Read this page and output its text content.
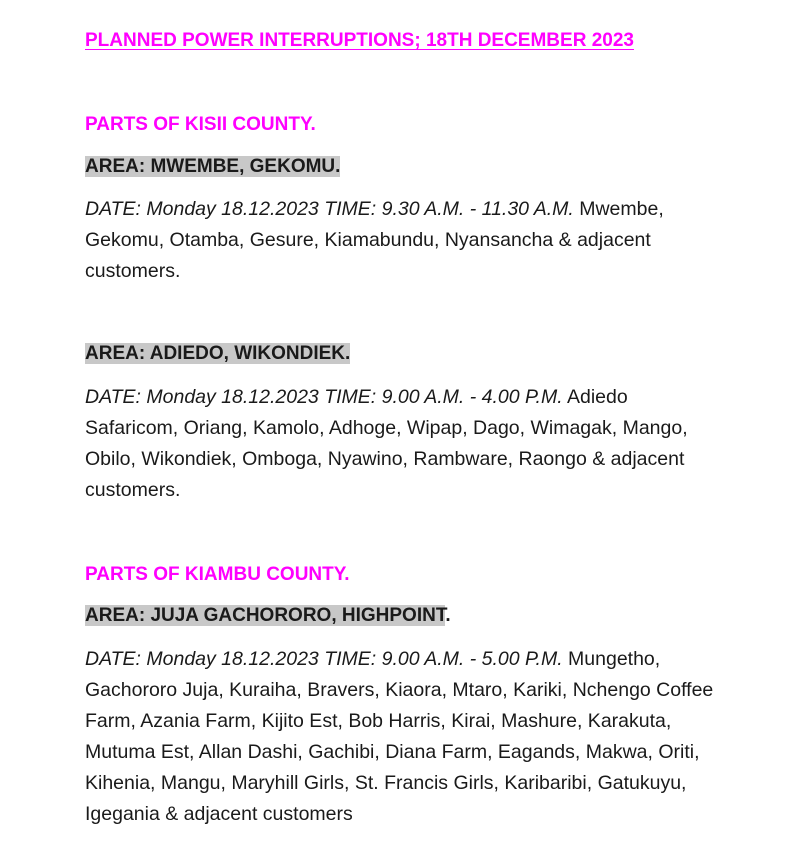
PLANNED POWER INTERRUPTIONS; 18TH DECEMBER 2023

PARTS OF KISII COUNTY.

AREA: MWEMBE, GEKOMU.

DATE: Monday 18.12.2023 TIME: 9.30 A.M. - 11.30 A.M. Mwembe, Gekomu, Otamba, Gesure, Kiamabundu, Nyansancha & adjacent customers.

AREA: ADIEDO, WIKONDIEK.

DATE: Monday 18.12.2023 TIME: 9.00 A.M. - 4.00 P.M. Adiedo Safaricom, Oriang, Kamolo, Adhoge, Wipap, Dago, Wimagak, Mango, Obilo, Wikondiek, Omboga, Nyawino, Rambware, Raongo & adjacent customers.

PARTS OF KIAMBU COUNTY.

AREA: JUJA GACHORORO, HIGHPOINT.

DATE: Monday 18.12.2023 TIME: 9.00 A.M. - 5.00 P.M. Mungetho, Gachororo Juja, Kuraiha, Bravers, Kiaora, Mtaro, Kariki, Nchengo Coffee Farm, Azania Farm, Kijito Est, Bob Harris, Kirai, Mashure, Karakuta, Mutuma Est, Allan Dashi, Gachibi, Diana Farm, Eagands, Makwa, Oriti, Kihenia, Mangu, Maryhill Girls, St. Francis Girls, Karibaribi, Gatukuyu, Igegania & adjacent customers
